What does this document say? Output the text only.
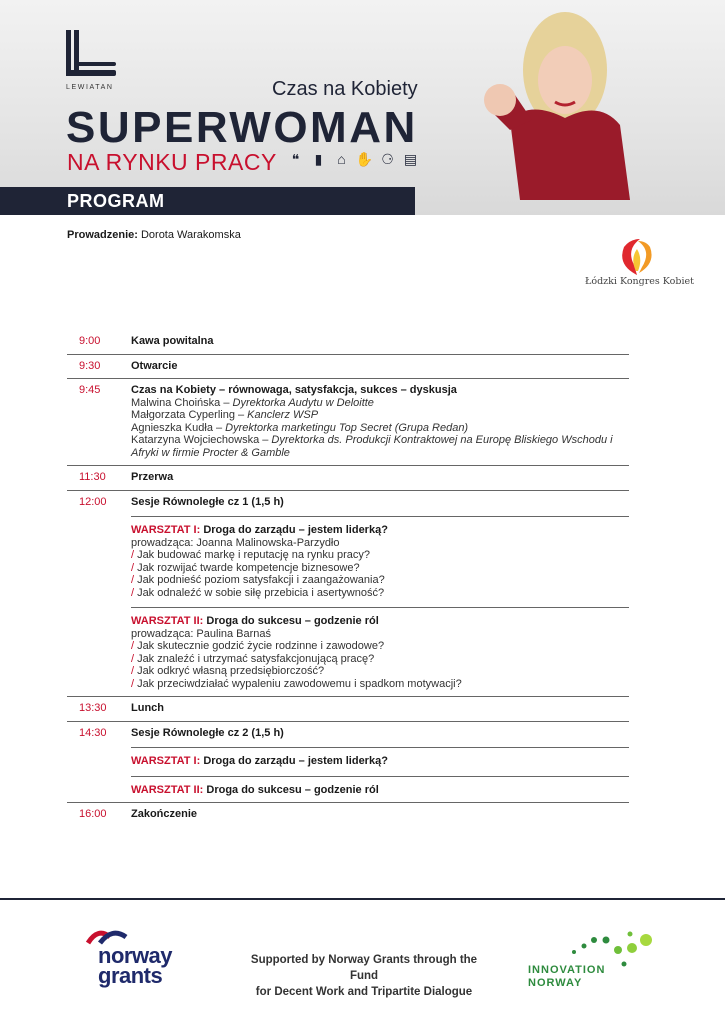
LEWIATAN	Czas na Kobiety
SUPERWOMAN
NA RYNKU PRACY	❝	▮	⌂ ✋ ⚆ ▤
PROGRAM
Prowadzenie: Dorota Warakomska
Łódzki Kongres Kobiet
9:00	Kawa powitalna
9:30	Otwarcie
9:45	Czas na Kobiety – równowaga, satysfakcja, sukces – dyskusja
Malwina Choińska – Dyrektorka Audytu w Deloitte
Małgorzata Cyperling – Kanclerz WSP
Agnieszka Kudła – Dyrektorka marketingu Top Secret (Grupa Redan)
Katarzyna Wojciechowska – Dyrektorka ds. Produkcji Kontraktowej na Europę Bliskiego Wschodu i Afryki w firmie Procter & Gamble
11:30	Przerwa
12:00	Sesje Równoległe cz 1 (1,5 h)
WARSZTAT I: Droga do zarządu – jestem liderką?
prowadząca: Joanna Malinowska-Parzydło
/ Jak budować markę i reputację na rynku pracy?
/ Jak rozwijać twarde kompetencje biznesowe?
/ Jak podnieść poziom satysfakcji i zaangażowania?
/ Jak odnaleźć w sobie siłę przebicia i asertywność?
WARSZTAT II: Droga do sukcesu – godzenie ról
prowadząca: Paulina Barnaś
/ Jak skutecznie godzić życie rodzinne i zawodowe?
/ Jak znaleźć i utrzymać satysfakcjonującą pracę?
/ Jak odkryć własną przedsiębiorczość?
/ Jak przeciwdziałać wypaleniu zawodowemu i spadkom motywacji?
13:30	Lunch
14:30	Sesje Równoległe cz 2 (1,5 h)
WARSZTAT I: Droga do zarządu – jestem liderką?
WARSZTAT II: Droga do sukcesu – godzenie ról
16:00	Zakończenie
norway
grants
Supported by Norway Grants through the Fund
for Decent Work and Tripartite Dialogue
INNOVATION
NORWAY
